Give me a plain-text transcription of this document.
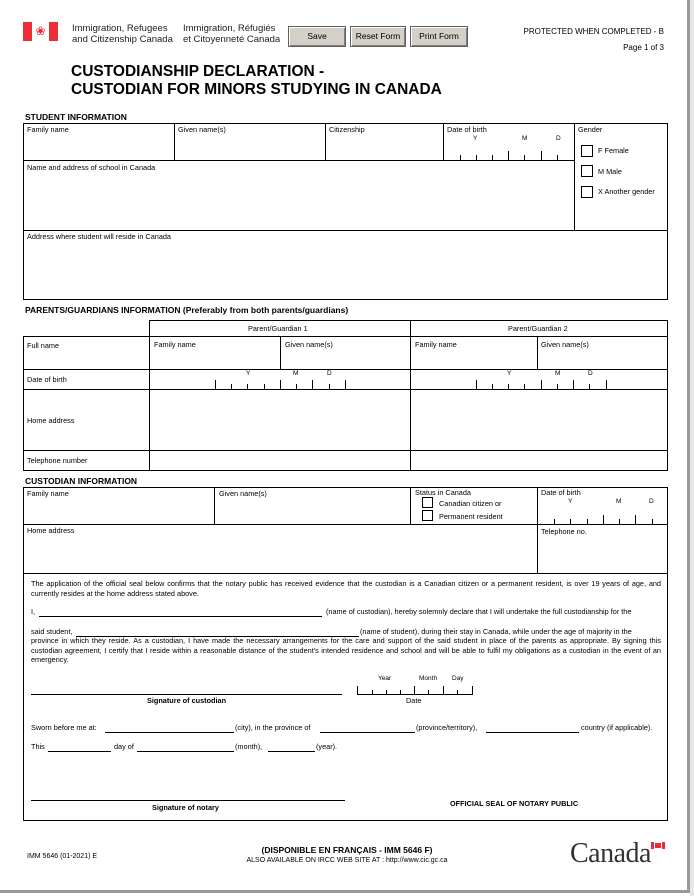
❀	Immigration, Refugees
and Citizenship Canada
Immigration, Réfugiés
et Citoyenneté Canada	Save	Reset Form	Print Form	PROTECTED WHEN COMPLETED - B
Page 1 of 3
CUSTODIANSHIP DECLARATION -
CUSTODIAN FOR MINORS STUDYING IN CANADA
STUDENT INFORMATION
Family name	Given name(s)	Citizenship	Date of birth
Y	M	D
Gender
F Female
M Male
X Another gender
Name and address of school in Canada
Address where student will reside in Canada
PARENTS/GUARDIANS INFORMATION (Preferably from both parents/guardians)
Parent/Guardian 1	Parent/Guardian 2
Full name	Family name	Given name(s)	Family name	Given name(s)
Date of birth
Y	M	D	Y	M	D
Home address
Telephone number
CUSTODIAN INFORMATION
Family name	Given name(s)	Status in Canada
Canadian citizen or
Permanent resident
Date of birth
Y	M	D
Home address	Telephone no.
The application of the official seal below confirms that the notary public has received evidence that the custodian is a Canadian citizen or a permanent resident, is over 19 years of age, and currently resides at the home address stated above.
I,	(name of custodian), hereby solemnly declare that I will undertake the full custodianship for the
said student,	(name of student), during their stay in Canada, while under the age of majority in the
province in which they reside. As a custodian, I have made the necessary arrangements for the care and support of the said student in place of the parents as appropriate. By signing this custodian agreement, I certify that I reside within a reasonable distance of the student's intended residence and school and will be able to fulfil my obligations as a custodian in the event of an emergency.
Signature of custodian
Year	Month Day
Date
Sworn before me at:	(city), in the province of	(province/territory),	country (if applicable).
This	day of	(month),	(year).
Signature of notary	OFFICIAL SEAL OF NOTARY PUBLIC
IMM 5646 (01-2021) E
(DISPONIBLE EN FRANÇAIS - IMM 5646 F)
ALSO AVAILABLE ON IRCC WEB SITE AT : http://www.cic.gc.ca	Canada
